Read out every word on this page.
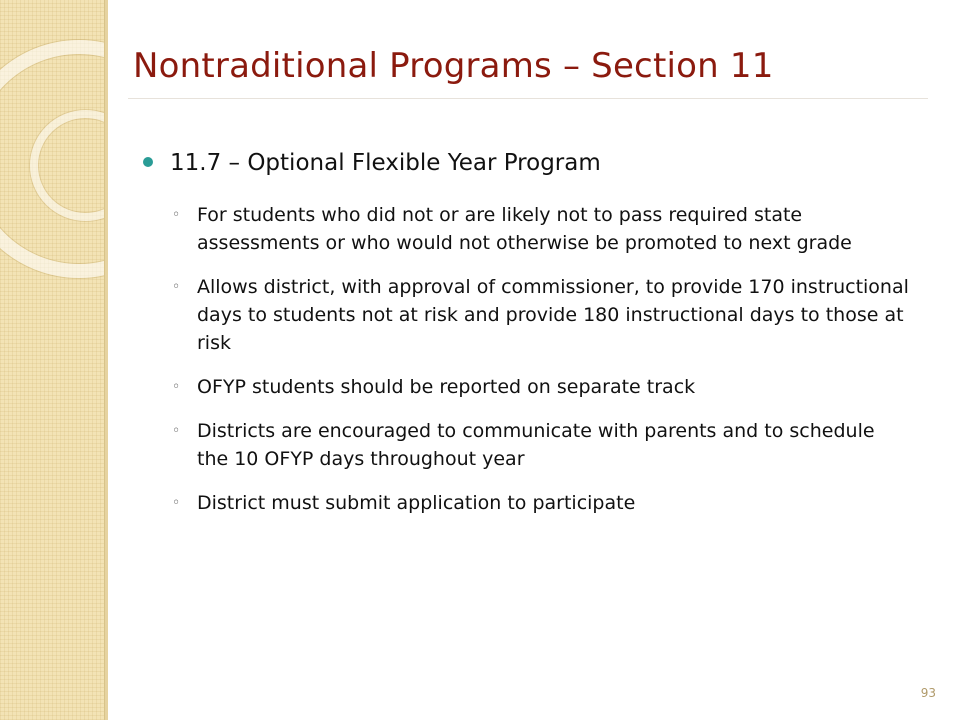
Nontraditional Programs – Section 11
11.7 – Optional Flexible Year Program
◦ For students who did not or are likely not to pass required state assessments or who would not otherwise be promoted to next grade
◦ Allows district, with approval of commissioner, to provide 170 instructional days to students not at risk and provide 180 instructional days to those at risk
◦ OFYP students should be reported on separate track
◦ Districts are encouraged to communicate with parents and to schedule the 10 OFYP days throughout year
◦ District must submit application to participate
93
